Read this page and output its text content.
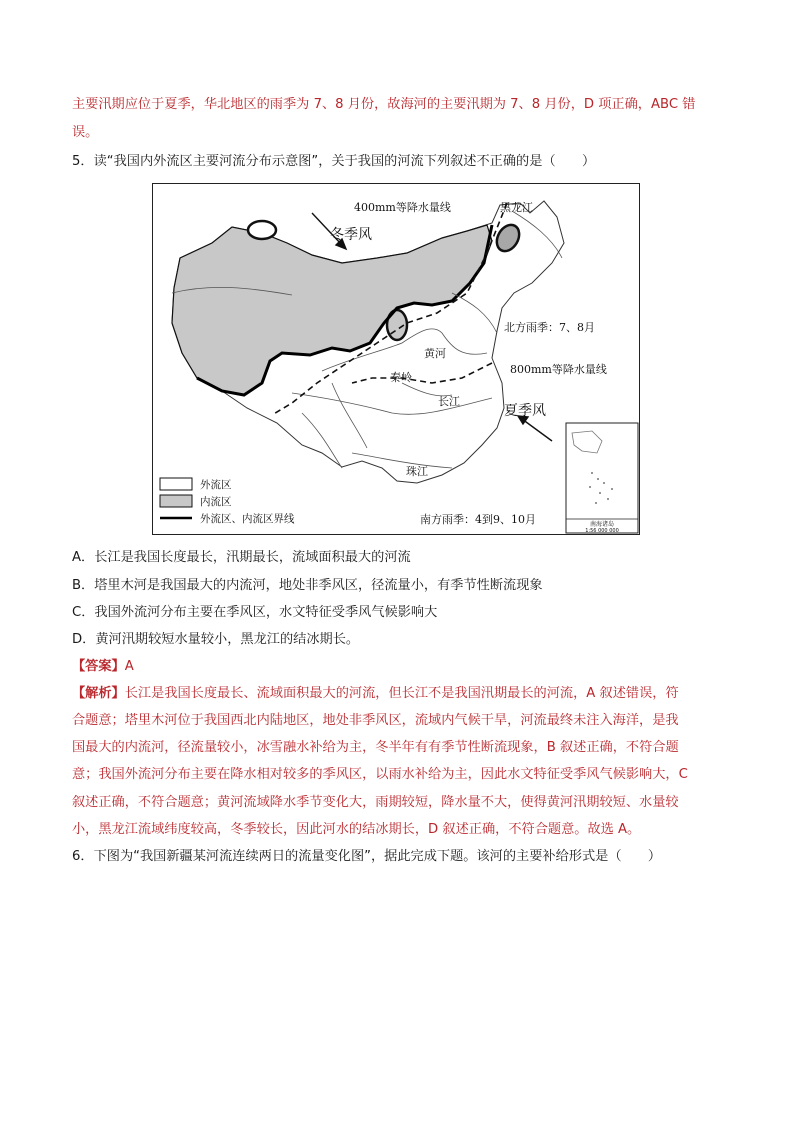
主要汛期应位于夏季，华北地区的雨季为 7、8 月份，故海河的主要汛期为 7、8 月份，D 项正确，ABC 错
误。
5．读“我国内外流区主要河流分布示意图”，关于我国的河流下列叙述不正确的是（　　）
400mm等降水量线	黑龙江
冬季风
北方雨季：7、8月
黄河
800mm等降水量线
秦岭
长江
夏季风
珠江
南方雨季：4到9、10月	南海诸岛
1:56 000 000
外流区
内流区
外流区、内流区界线
A．长江是我国长度最长，汛期最长，流域面积最大的河流
B．塔里木河是我国最大的内流河，地处非季风区，径流量小，有季节性断流现象
C．我国外流河分布主要在季风区，水文特征受季风气候影响大
D．黄河汛期较短水量较小，黑龙江的结冰期长。
【答案】A
【解析】长江是我国长度最长、流域面积最大的河流，但长江不是我国汛期最长的河流，A 叙述错误，符
合题意；塔里木河位于我国西北内陆地区，地处非季风区，流域内气候干旱，河流最终未注入海洋，是我
国最大的内流河，径流量较小，冰雪融水补给为主，冬半年有有季节性断流现象，B 叙述正确，不符合题
意；我国外流河分布主要在降水相对较多的季风区，以雨水补给为主，因此水文特征受季风气候影响大，C
叙述正确，不符合题意；黄河流域降水季节变化大，雨期较短，降水量不大，使得黄河汛期较短、水量较
小，黑龙江流域纬度较高，冬季较长，因此河水的结冰期长，D 叙述正确，不符合题意。故选 A。
6．下图为“我国新疆某河流连续两日的流量变化图”，据此完成下题。该河的主要补给形式是（　　）
